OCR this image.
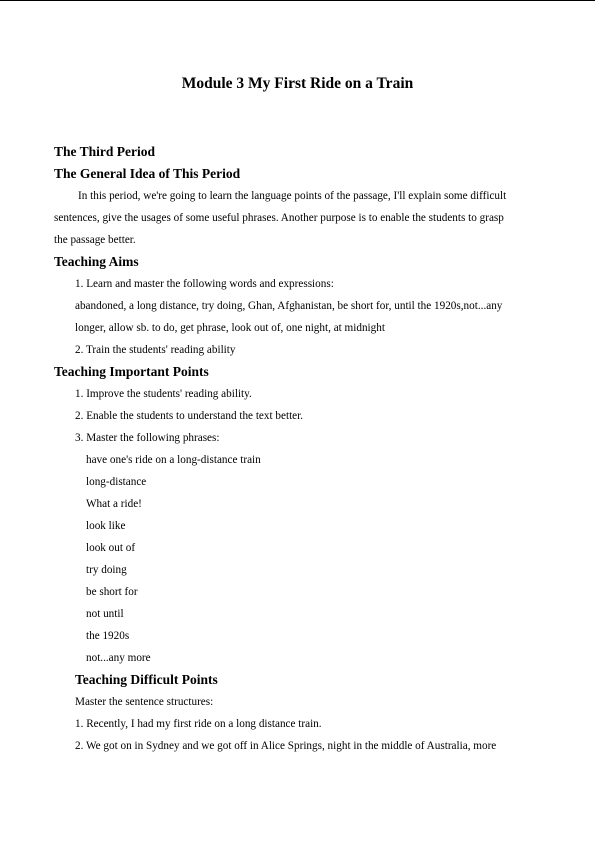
Module 3 My First Ride on a Train
The Third Period
The General Idea of This Period
In this period, we're going to learn the language points of the passage, I'll explain some difficult
sentences, give the usages of some useful phrases. Another purpose is to enable the students to grasp
the passage better.
Teaching Aims
1. Learn and master the following words and expressions:
abandoned, a long distance, try doing, Ghan, Afghanistan, be short for, until the 1920s,not...any
longer, allow sb. to do, get phrase, look out of, one night, at midnight
2. Train the students' reading ability
Teaching Important Points
1. Improve the students' reading ability.
2. Enable the students to understand the text better.
3. Master the following phrases:
have one's ride on a long-distance train
long-distance
What a ride!
look like
look out of
try doing
be short for
not until
the 1920s
not...any more
Teaching Difficult Points
Master the sentence structures:
1. Recently, I had my first ride on a long distance train.
2. We got on in Sydney and we got off in Alice Springs, night in the middle of Australia, more
